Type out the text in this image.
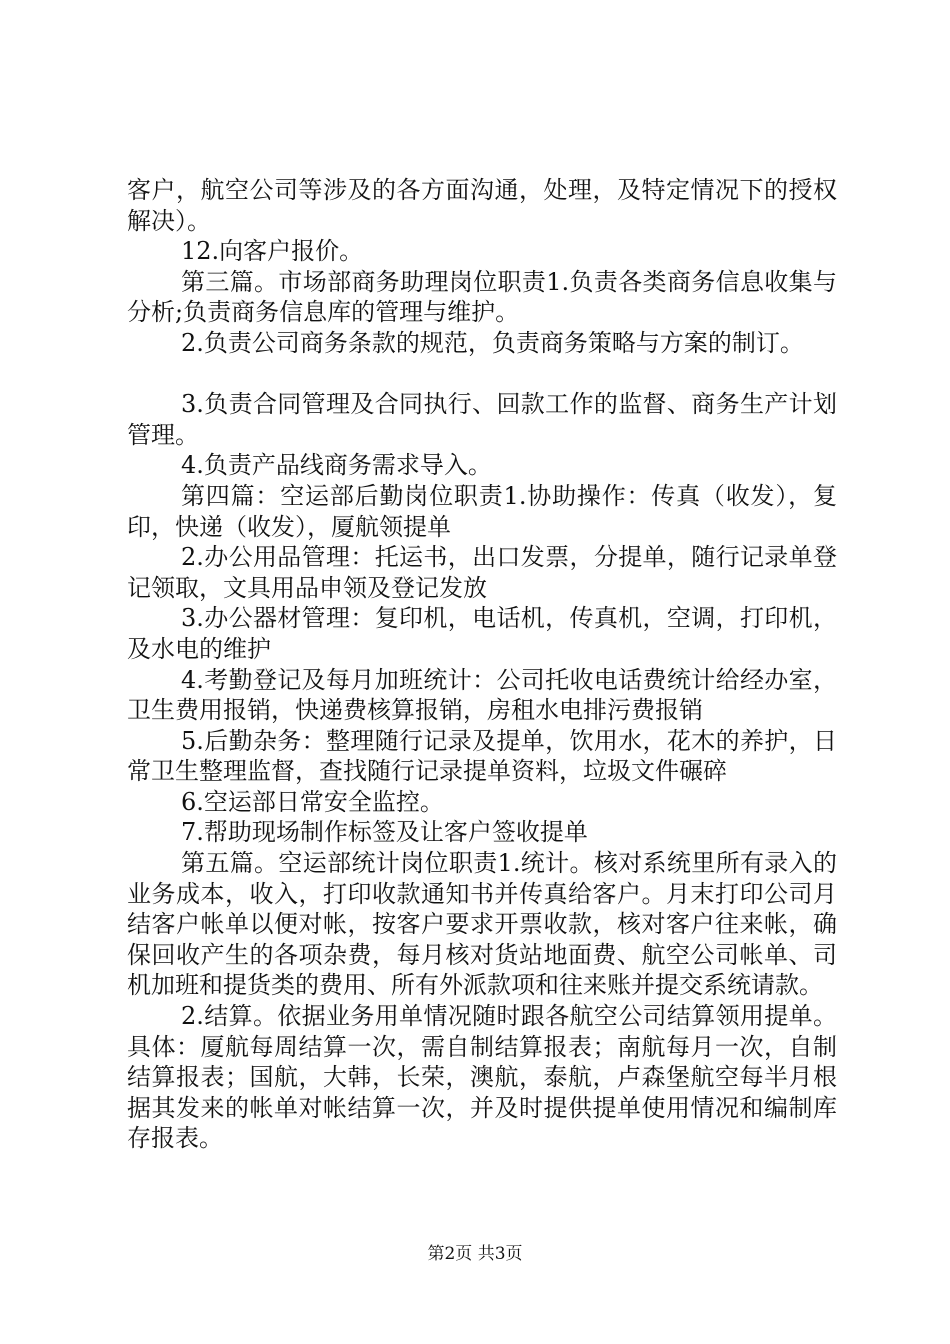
客户，航空公司等涉及的各方面沟通，处理，及特定情况下的授权解决）。

12.向客户报价。

第三篇。市场部商务助理岗位职责1.负责各类商务信息收集与分析;负责商务信息库的管理与维护。

2.负责公司商务条款的规范，负责商务策略与方案的制订。

3.负责合同管理及合同执行、回款工作的监督、商务生产计划管理。

4.负责产品线商务需求导入。

第四篇：空运部后勤岗位职责1.协助操作：传真（收发），复印，快递（收发），厦航领提单

2.办公用品管理：托运书，出口发票，分提单，随行记录单登记领取，文具用品申领及登记发放

3.办公器材管理：复印机，电话机，传真机，空调，打印机，及水电的维护

4.考勤登记及每月加班统计：公司托收电话费统计给经办室，卫生费用报销，快递费核算报销，房租水电排污费报销

5.后勤杂务：整理随行记录及提单，饮用水，花木的养护，日常卫生整理监督，查找随行记录提单资料，垃圾文件碾碎

6.空运部日常安全监控。

7.帮助现场制作标签及让客户签收提单

第五篇。空运部统计岗位职责1.统计。核对系统里所有录入的业务成本，收入，打印收款通知书并传真给客户。月末打印公司月结客户帐单以便对帐，按客户要求开票收款，核对客户往来帐，确保回收产生的各项杂费，每月核对货站地面费、航空公司帐单、司机加班和提货类的费用、所有外派款项和往来账并提交系统请款。

2.结算。依据业务用单情况随时跟各航空公司结算领用提单。具体：厦航每周结算一次，需自制结算报表；南航每月一次，自制结算报表；国航，大韩，长荣，澳航，泰航，卢森堡航空每半月根据其发来的帐单对帐结算一次，并及时提供提单使用情况和编制库存报表。

第2页 共3页
